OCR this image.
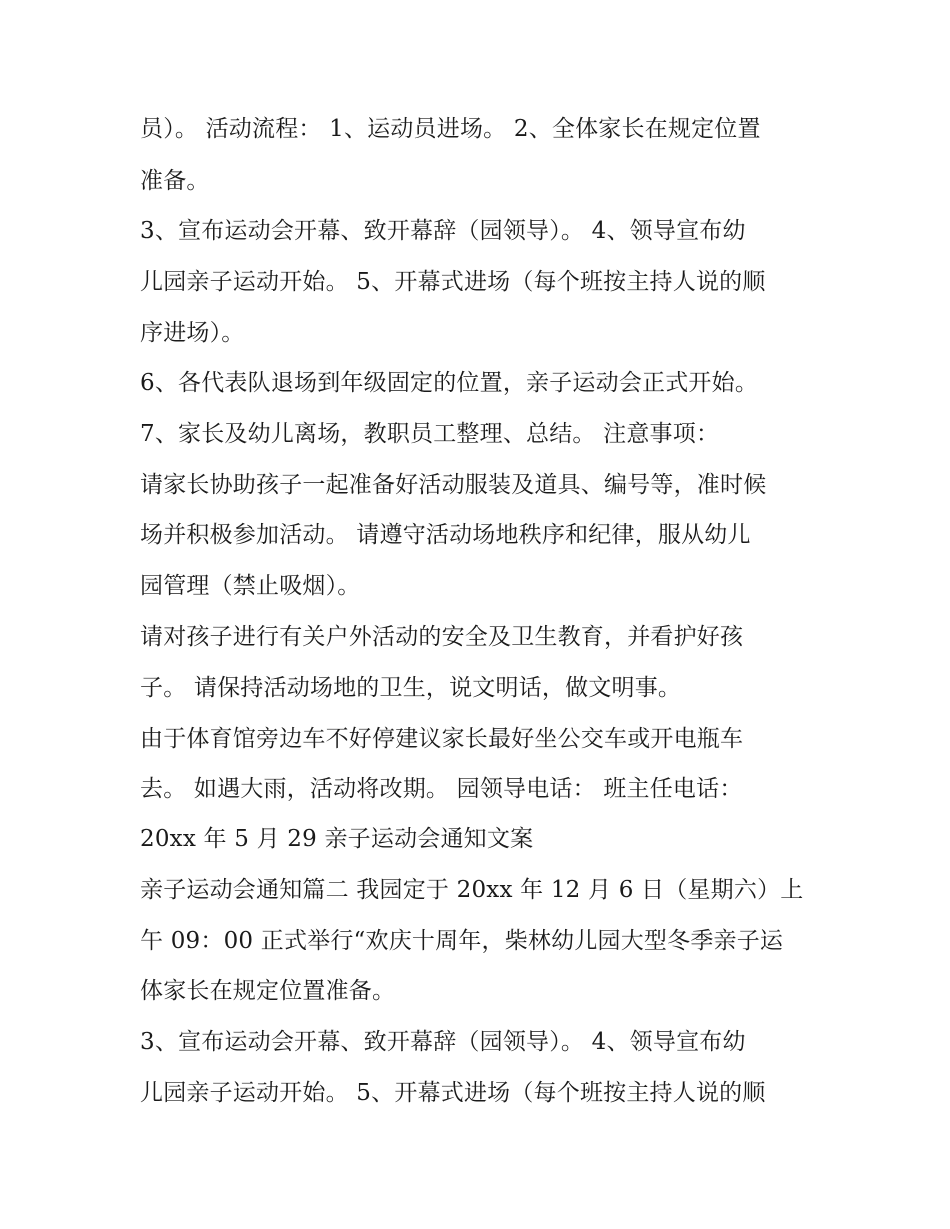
员）。 活动流程： 1、运动员进场。 2、全体家长在规定位置
准备。
3、宣布运动会开幕、致开幕辞（园领导）。 4、领导宣布幼
儿园亲子运动开始。 5、开幕式进场（每个班按主持人说的顺
序进场）。
6、各代表队退场到年级固定的位置，亲子运动会正式开始。
7、家长及幼儿离场，教职员工整理、总结。 注意事项：
请家长协助孩子一起准备好活动服装及道具、编号等，准时候
场并积极参加活动。 请遵守活动场地秩序和纪律，服从幼儿
园管理（禁止吸烟）。
请对孩子进行有关户外活动的安全及卫生教育，并看护好孩
子。 请保持活动场地的卫生，说文明话，做文明事。
由于体育馆旁边车不好停建议家长最好坐公交车或开电瓶车
去。 如遇大雨，活动将改期。 园领导电话： 班主任电话：
20xx 年 5 月 29 亲子运动会通知文案
亲子运动会通知篇二 我园定于 20xx 年 12 月 6 日（星期六）上
午 09：00 正式举行“欢庆十周年，柴林幼儿园大型冬季亲子运
体家长在规定位置准备。
3、宣布运动会开幕、致开幕辞（园领导）。 4、领导宣布幼
儿园亲子运动开始。 5、开幕式进场（每个班按主持人说的顺
